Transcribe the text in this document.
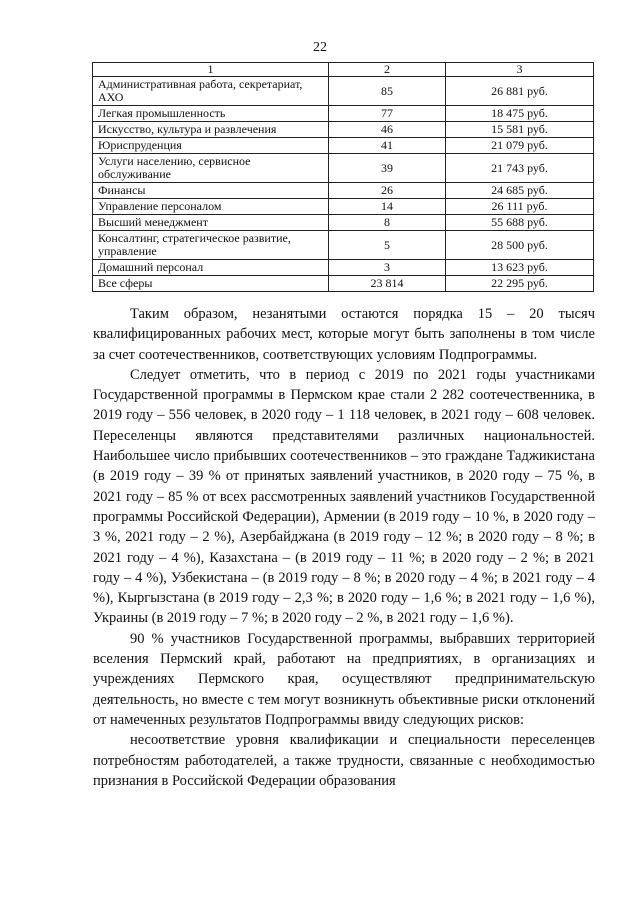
22
1	2	3
Административная работа, секретариат, АХО	85	26 881 руб.
Легкая промышленность	77	18 475 руб.
Искусство, культура и развлечения	46	15 581 руб.
Юриспруденция	41	21 079 руб.
Услуги населению, сервисное обслуживание	39	21 743 руб.
Финансы	26	24 685 руб.
Управление персоналом	14	26 111 руб.
Высший менеджмент	8	55 688 руб.
Консалтинг, стратегическое развитие, управление	5	28 500 руб.
Домашний персонал	3	13 623 руб.
Все сферы	23 814	22 295 руб.

Таким образом, незанятыми остаются порядка 15 – 20 тысяч квалифицированных рабочих мест, которые могут быть заполнены в том числе за счет соотечественников, соответствующих условиям Подпрограммы.

Следует отметить, что в период с 2019 по 2021 годы участниками Государственной программы в Пермском крае стали 2 282 соотечественника, в 2019 году – 556 человек, в 2020 году – 1 118 человек, в 2021 году – 608 человек. Переселенцы являются представителями различных национальностей. Наибольшее число прибывших соотечественников – это граждане Таджикистана (в 2019 году – 39 % от принятых заявлений участников, в 2020 году – 75 %, в 2021 году – 85 % от всех рассмотренных заявлений участников Государственной программы Российской Федерации), Армении (в 2019 году – 10 %, в 2020 году – 3 %, 2021 году – 2 %), Азербайджана (в 2019 году – 12 %; в 2020 году – 8 %; в 2021 году – 4 %), Казахстана – (в 2019 году – 11 %; в 2020 году – 2 %; в 2021 году – 4 %), Узбекистана – (в 2019 году – 8 %; в 2020 году – 4 %; в 2021 году – 4 %), Кыргызстана (в 2019 году – 2,3 %; в 2020 году – 1,6 %; в 2021 году – 1,6 %), Украины (в 2019 году – 7 %; в 2020 году – 2 %, в 2021 году – 1,6 %).

90 % участников Государственной программы, выбравших территорией вселения Пермский край, работают на предприятиях, в организациях и учреждениях Пермского края, осуществляют предпринимательскую деятельность, но вместе с тем могут возникнуть объективные риски отклонений от намеченных результатов Подпрограммы ввиду следующих рисков:

несоответствие уровня квалификации и специальности переселенцев потребностям работодателей, а также трудности, связанные с необходимостью признания в Российской Федерации образования
